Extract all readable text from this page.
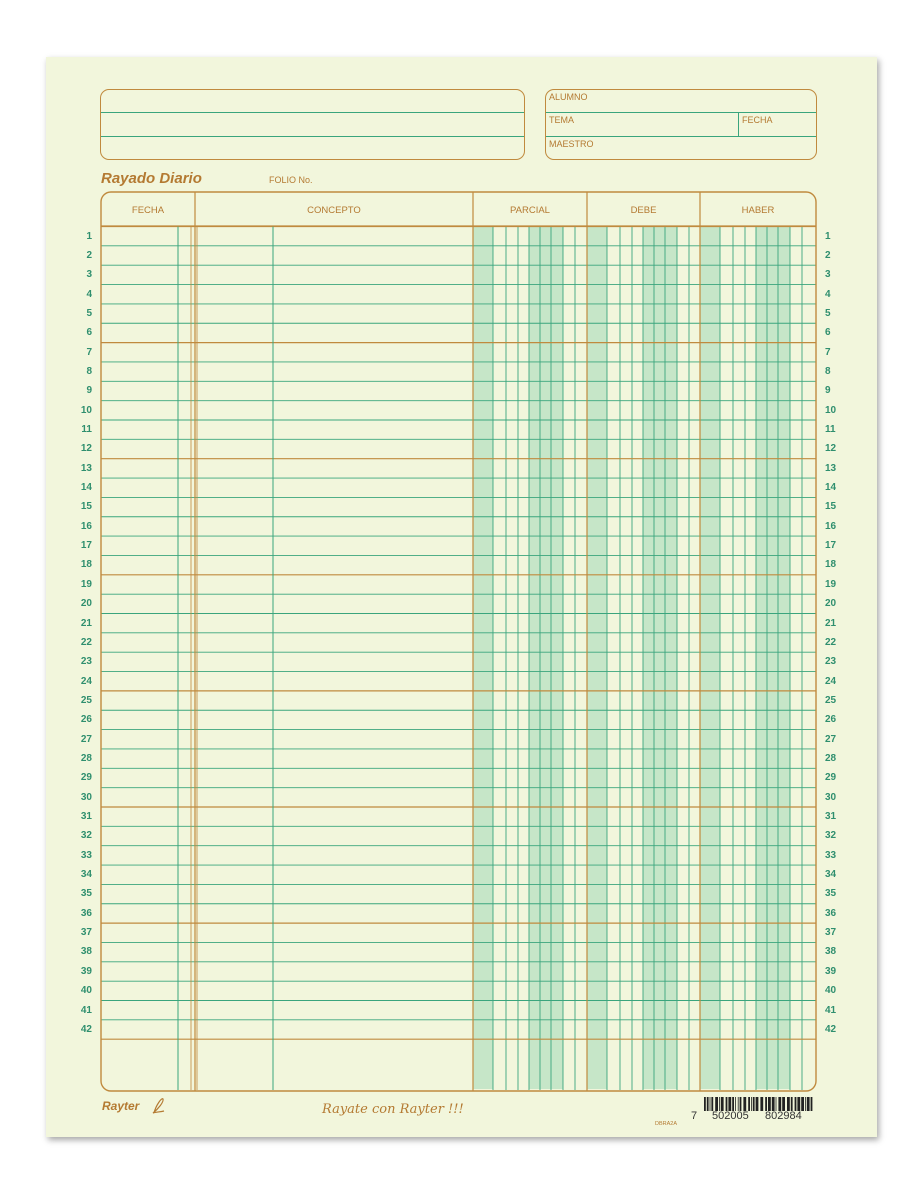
ALUMNO
TEMA	FECHA
MAESTRO
Rayado Diario	FOLIO No.
FECHA	CONCEPTO	PARCIAL	DEBE	HABER
1	1
2	2
3	3
4	4
5	5
6	6
7	7
8	8
9	9
10	10
11	11
12	12
13	13
14	14
15	15
16	16
17	17
18	18
19	19
20	20
21	21
22	22
23	23
24	24
25	25
26	26
27	27
28	28
29	29
30	30
31	31
32	32
33	33
34	34
35	35
36	36
37	37
38	38
39	39
40	40
41	41
42	42
Rayter	Rayate con Rayter !!!
DBRA2A
7 502005 802984
